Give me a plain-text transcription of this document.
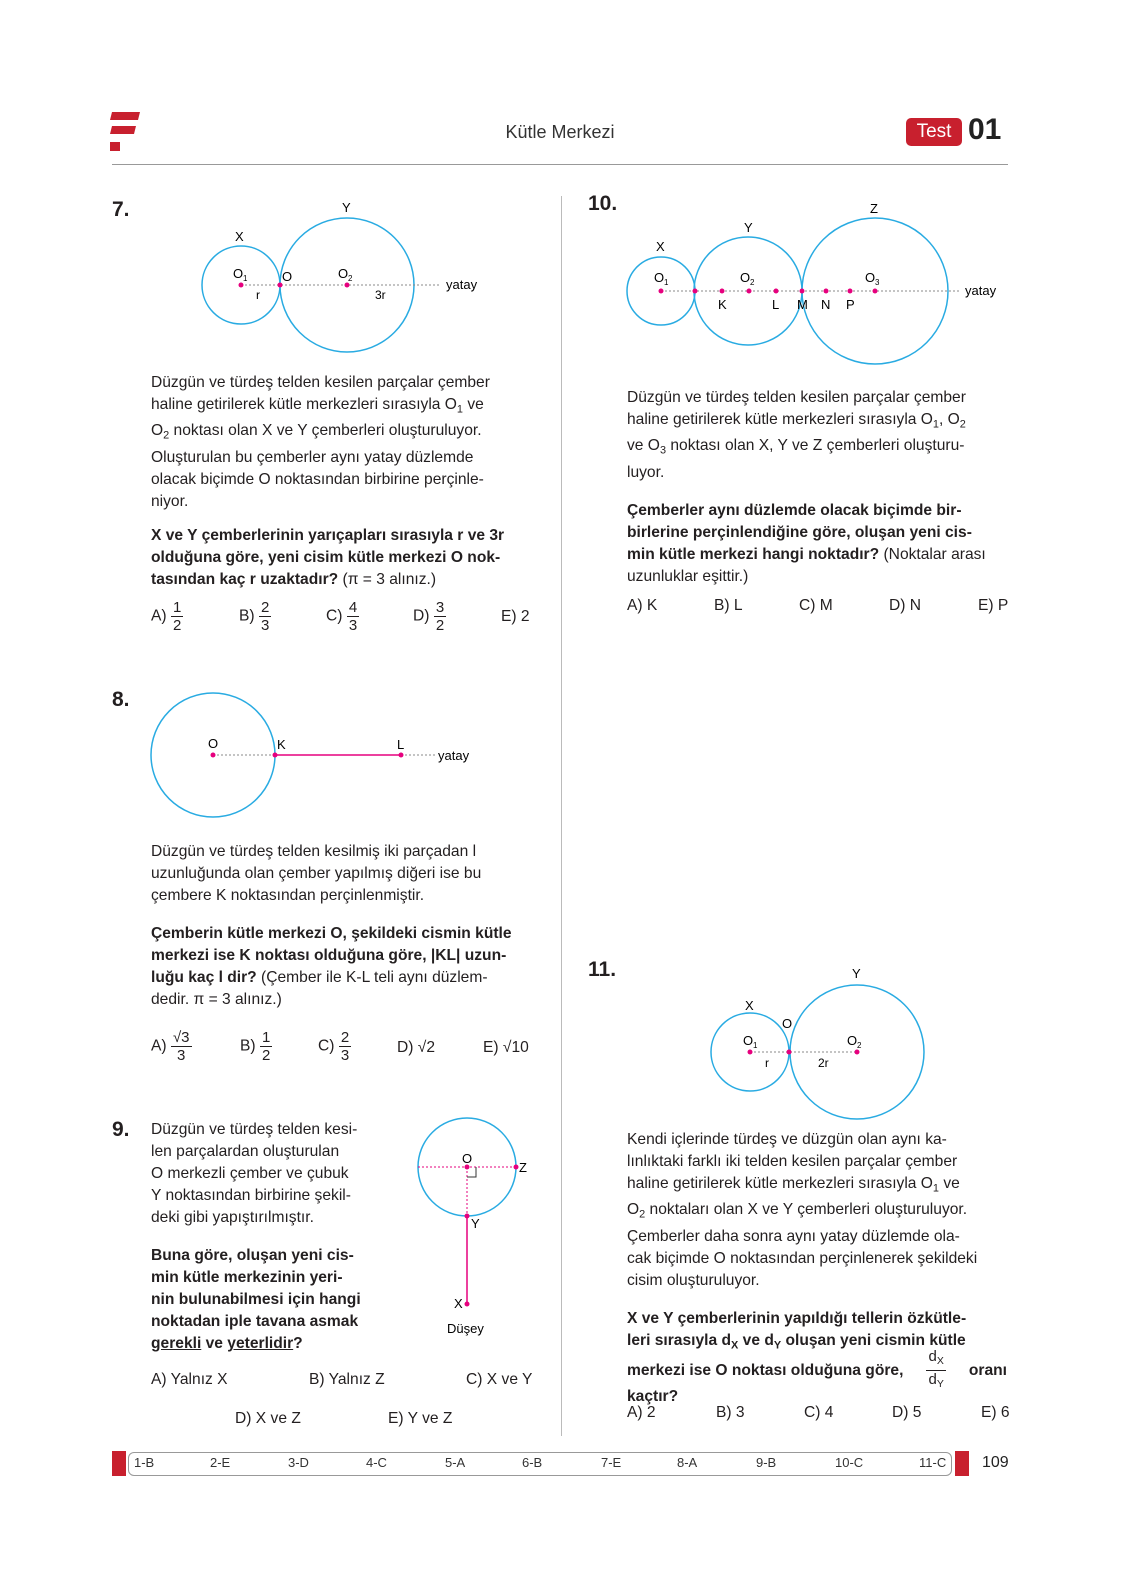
Kütle Merkezi	Test 01
7.
X
Y
O 1	O	O 2
r	3r
yatay
Düzgün ve türdeş telden kesilen parçalar çember
haline getirilerek kütle merkezleri sırasıyla $O_1$ ve
$O_2$ noktası olan X ve Y çemberleri oluşturuluyor.
Oluşturulan bu çemberler aynı yatay düzlemde
olacak biçimde O noktasından birbirine perçinle-
niyor.
X ve Y çemberlerinin yarıçapları sırasıyla r ve 3r
olduğuna göre, yeni cisim kütle merkezi O nok-
tasından kaç r uzaktadır? (π = 3 alınız.)
$A) \frac{1}{2}$	$B) \frac{2}{3}$	$C) \frac{4}{3}$	$D) \frac{3}{2}$	E) 2
8.
O	K	L
yatay
Düzgün ve türdeş telden kesilmiş iki parçadan l
uzunluğunda olan çember yapılmış diğeri ise bu
çembere K noktasından perçinlenmiştir.
Çemberin kütle merkezi O, şekildeki cismin kütle
merkezi ise K noktası olduğuna göre, |KL| uzun-
luğu kaç l dir? (Çember ile K-L teli aynı düzlem-
dedir. π = 3 alınız.)
$A) \frac{√3}{3}$	$B) \frac{1}{2}$	$C) \frac{2}{3}$	D) √2	E) √10
9. Düzgün ve türdeş telden kesi-
len parçalardan oluşturulan
O merkezli çember ve çubuk
Y noktasından birbirine şekil-
deki gibi yapıştırılmıştır.
Buna göre, oluşan yeni cis-
min kütle merkezinin yeri-
nin bulunabilmesi için hangi
noktadan iple tavana asmak
gerekli ve yeterlidir?
O
Z
Y
X
Düşey
A) Yalnız X	B) Yalnız Z	C) X ve Y
D) X ve Z	E) Y ve Z
10.
X
Y
Z
O 1	O 2	O 3
K	L M N P
yatay
Düzgün ve türdeş telden kesilen parçalar çember
haline getirilerek kütle merkezleri sırasıyla $O_1$, $O_2$
ve $O_3$ noktası olan X, Y ve Z çemberleri oluşturu-
luyor.
Çemberler aynı düzlemde olacak biçimde bir-
birlerine perçinlendiğine göre, oluşan yeni cis-
min kütle merkezi hangi noktadır? (Noktalar arası
uzunluklar eşittir.)
A) K	B) L	C) M	D) N	E) P
11.
X
Y
O
O 1	O 2
r	2r
Kendi içlerinde türdeş ve düzgün olan aynı ka-
lınlıktaki farklı iki telden kesilen parçalar çember
haline getirilerek kütle merkezleri sırasıyla $O_1$ ve
$O_2$ noktaları olan X ve Y çemberleri oluşturuluyor.
Çemberler daha sonra aynı yatay düzlemde ola-
cak biçimde O noktasından perçinlenerek şekildeki
cisim oluşturuluyor.
X ve Y çemberlerinin yapıldığı tellerin özkütle-
leri sırasıyla $d_X$ ve $d_Y$ oluşan yeni cismin kütle
merkezi ise O noktası olduğuna göre, $\frac{d_X}{d_Y}$ oranı
kaçtır?
A) 2	B) 3	C) 4	D) 5	E) 6
1-B	2-E	3-D	4-C	5-A	6-B	7-E	8-A	9-B	10-C	11-C 109
